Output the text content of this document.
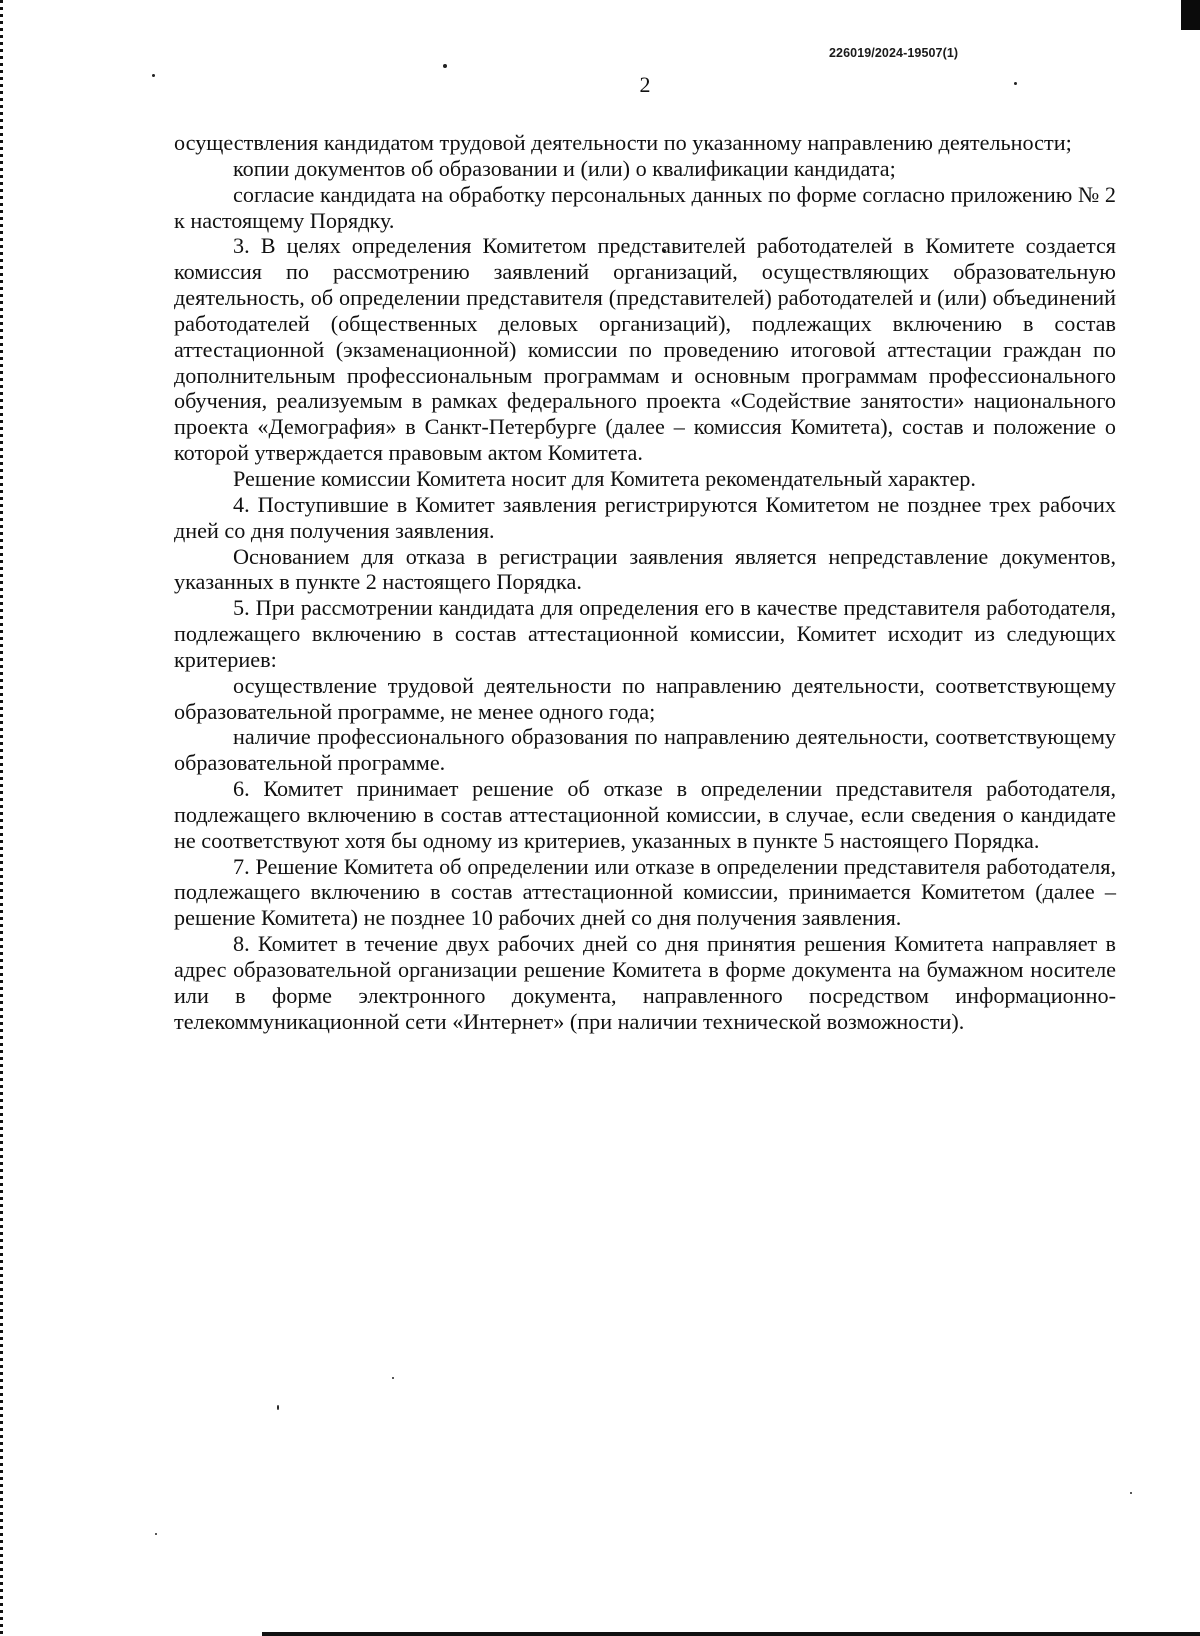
226019/2024-19507(1)
2

осуществления кандидатом трудовой деятельности по указанному направлению деятельности;

копии документов об образовании и (или) о квалификации кандидата;

согласие кандидата на обработку персональных данных по форме согласно приложению № 2 к настоящему Порядку.

3. В целях определения Комитетом представителей работодателей в Комитете создается комиссия по рассмотрению заявлений организаций, осуществляющих образовательную деятельность, об определении представителя (представителей) работодателей и (или) объединений работодателей (общественных деловых организаций), подлежащих включению в состав аттестационной (экзаменационной) комиссии по проведению итоговой аттестации граждан по дополнительным профессиональным программам и основным программам профессионального обучения, реализуемым в рамках федерального проекта «Содействие занятости» национального проекта «Демография» в Санкт-Петербурге (далее – комиссия Комитета), состав и положение о которой утверждается правовым актом Комитета.

Решение комиссии Комитета носит для Комитета рекомендательный характер.

4. Поступившие в Комитет заявления регистрируются Комитетом не позднее трех рабочих дней со дня получения заявления.

Основанием для отказа в регистрации заявления является непредставление документов, указанных в пункте 2 настоящего Порядка.

5. При рассмотрении кандидата для определения его в качестве представителя работодателя, подлежащего включению в состав аттестационной комиссии, Комитет исходит из следующих критериев:

осуществление трудовой деятельности по направлению деятельности, соответствующему образовательной программе, не менее одного года;

наличие профессионального образования по направлению деятельности, соответствующему образовательной программе.

6. Комитет принимает решение об отказе в определении представителя работодателя, подлежащего включению в состав аттестационной комиссии, в случае, если сведения о кандидате не соответствуют хотя бы одному из критериев, указанных в пункте 5 настоящего Порядка.

7. Решение Комитета об определении или отказе в определении представителя работодателя, подлежащего включению в состав аттестационной комиссии, принимается Комитетом (далее – решение Комитета) не позднее 10 рабочих дней со дня получения заявления.

8. Комитет в течение двух рабочих дней со дня принятия решения Комитета направляет в адрес образовательной организации решение Комитета в форме документа на бумажном носителе или в форме электронного документа, направленного посредством информационно-телекоммуникационной сети «Интернет» (при наличии технической возможности).
